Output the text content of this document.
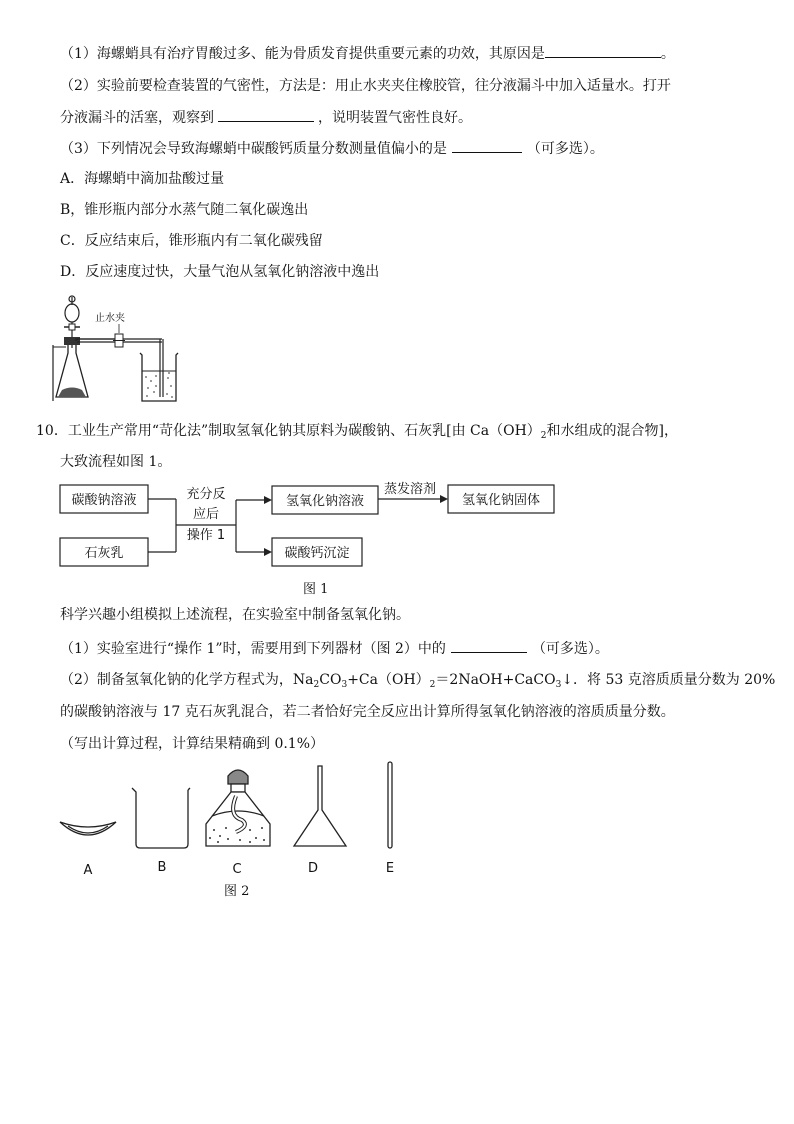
（1）海螺蛸具有治疗胃酸过多、能为骨质发育提供重要元素的功效，其原因是	。
（2）实验前要检查装置的气密性，方法是：用止水夹夹住橡胶管，往分液漏斗中加入适量水。打开
分液漏斗的活塞，观察到	，说明装置气密性良好。
（3）下列情况会导致海螺蛸中碳酸钙质量分数测量值偏小的是	（可多选）。
A．海螺蛸中滴加盐酸过量
B，锥形瓶内部分水蒸气随二氧化碳逸出
C．反应结束后，锥形瓶内有二氧化碳残留
D．反应速度过快，大量气泡从氢氧化钠溶液中逸出
止水夹
10．工业生产常用“苛化法”制取氢氧化钠其原料为碳酸钠、石灰乳[由 $Ca(OH)_2$和水组成的混合物]，
大致流程如图 1。
碳酸钠溶液
石灰乳
充分反
应后
操作 1
氢氧化钠溶液
蒸发溶剂
氢氧化钠固体
碳酸钙沉淀
图 1
科学兴趣小组模拟上述流程，在实验室中制备氢氧化钠。
（1）实验室进行“操作 1”时，需要用到下列器材（图 2）中的	（可多选）。
（2）制备氢氧化钠的化学方程式为，$Na_2CO_3+Ca(OH)_2=2NaOH+CaCO_3↓$．将 53 克溶质质量分数为 20%
的碳酸钠溶液与 17 克石灰乳混合，若二者恰好完全反应出计算所得氢氧化钠溶液的溶质质量分数。
（写出计算过程，计算结果精确到 0.1%）
A	B	C	D	E
图 2
